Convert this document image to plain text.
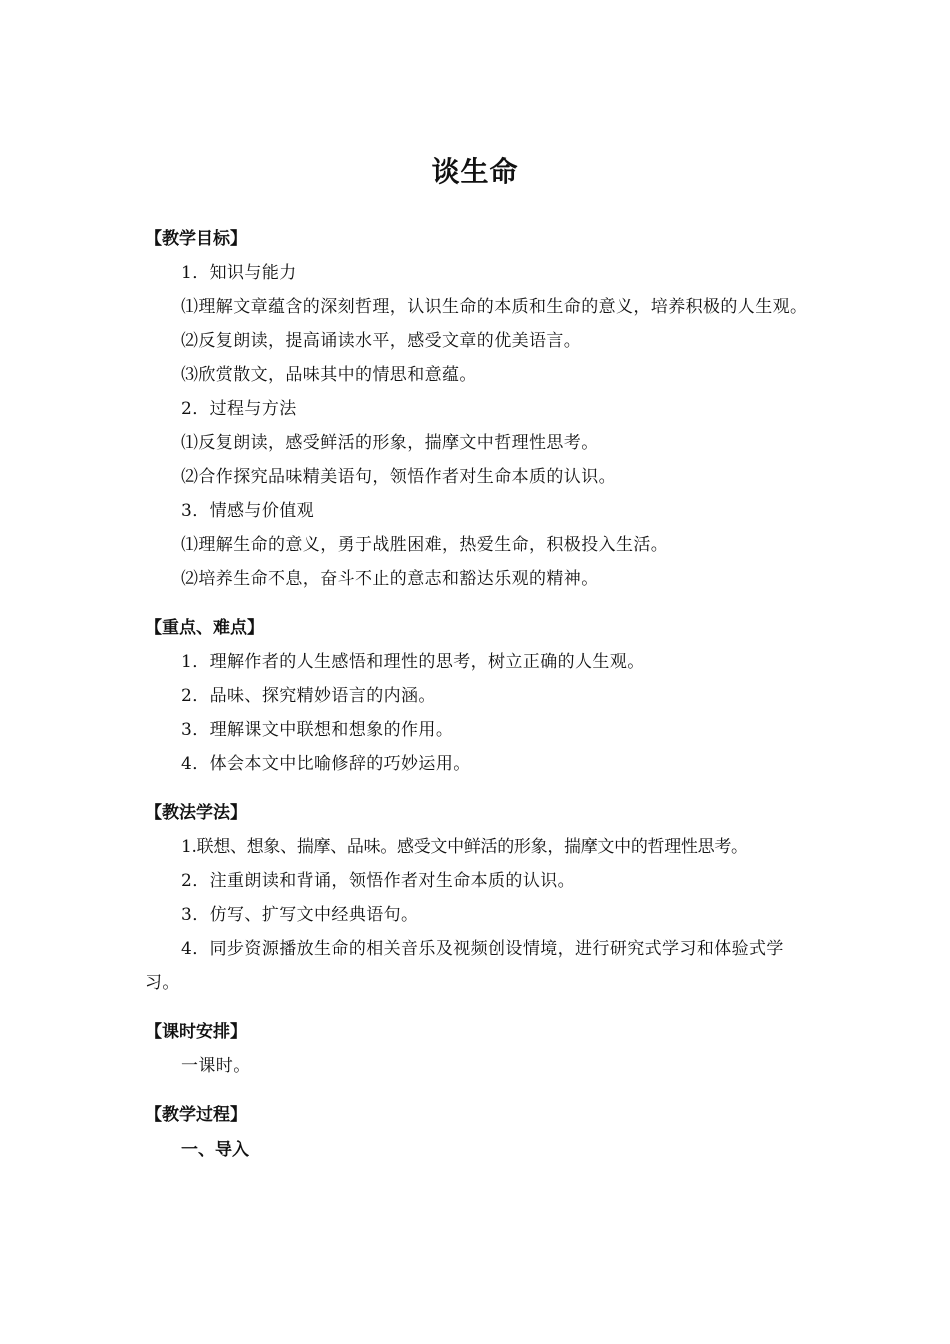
谈生命
【教学目标】
1．知识与能力
⑴理解文章蕴含的深刻哲理，认识生命的本质和生命的意义，培养积极的人生观。
⑵反复朗读，提高诵读水平，感受文章的优美语言。
⑶欣赏散文，品味其中的情思和意蕴。
2．过程与方法
⑴反复朗读，感受鲜活的形象，揣摩文中哲理性思考。
⑵合作探究品味精美语句，领悟作者对生命本质的认识。
3．情感与价值观
⑴理解生命的意义，勇于战胜困难，热爱生命，积极投入生活。
⑵培养生命不息，奋斗不止的意志和豁达乐观的精神。
【重点、难点】
1．理解作者的人生感悟和理性的思考，树立正确的人生观。
2．品味、探究精妙语言的内涵。
3．理解课文中联想和想象的作用。
4．体会本文中比喻修辞的巧妙运用。
【教法学法】
1.联想、想象、揣摩、品味。感受文中鲜活的形象，揣摩文中的哲理性思考。
2．注重朗读和背诵，领悟作者对生命本质的认识。
3．仿写、扩写文中经典语句。
4．同步资源播放生命的相关音乐及视频创设情境，进行研究式学习和体验式学习。
【课时安排】
一课时。
【教学过程】
一、导入
